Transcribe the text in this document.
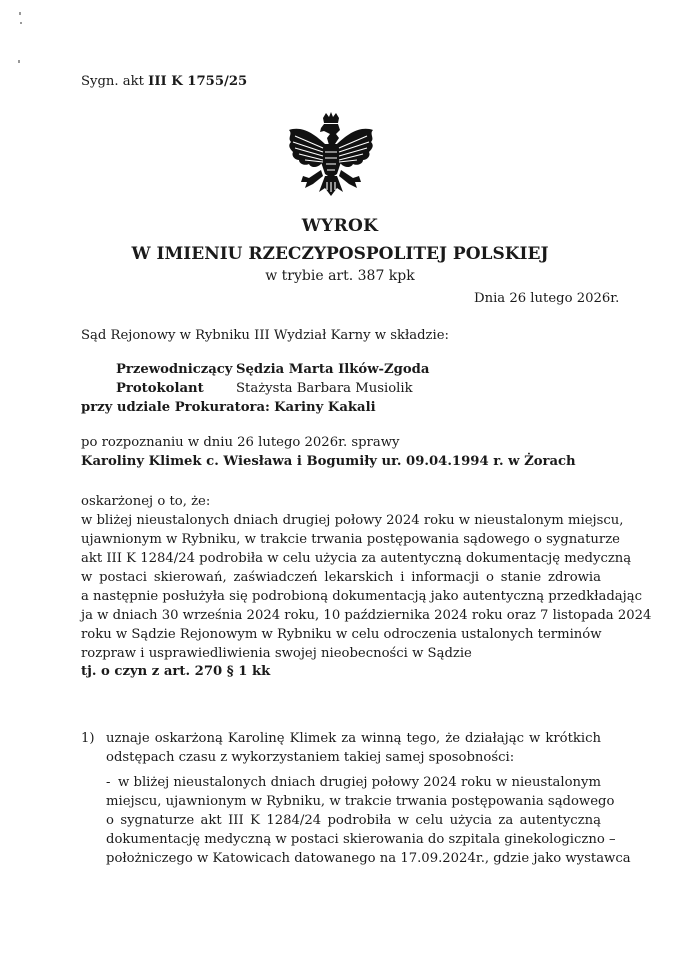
Sygn. akt III K 1755/25
WYROK
W IMIENIU RZECZYPOSPOLITEJ POLSKIEJ
w trybie art. 387 kpk
Dnia 26 lutego 2026r.
Sąd Rejonowy w Rybniku III Wydział Karny w składzie:
Przewodniczący Sędzia Marta Ilków-Zgoda
Protokolant Stażysta Barbara Musiolik
przy udziale Prokuratora: Kariny Kakali
po rozpoznaniu w dniu 26 lutego 2026r. sprawy
Karoliny Klimek c. Wiesława i Bogumiły ur. 09.04.1994 r. w Żorach
oskarżonej o to, że:
w bliżej nieustalonych dniach drugiej połowy 2024 roku w nieustalonym miejscu,
ujawnionym w Rybniku, w trakcie trwania postępowania sądowego o sygnaturze
akt III K 1284/24 podrobiła w celu użycia za autentyczną dokumentację medyczną
w postaci skierowań, zaświadczeń lekarskich i informacji o stanie zdrowia
a następnie posłużyła się podrobioną dokumentacją jako autentyczną przedkładając
ja w dniach 30 września 2024 roku, 10 października 2024 roku oraz 7 listopada 2024
roku w Sądzie Rejonowym w Rybniku w celu odroczenia ustalonych terminów
rozpraw i usprawiedliwienia swojej nieobecności w Sądzie
tj. o czyn z art. 270 § 1 kk
1) uznaje oskarżoną Karolinę Klimek za winną tego, że działając w krótkich
odstępach czasu z wykorzystaniem takiej samej sposobności:
- w bliżej nieustalonych dniach drugiej połowy 2024 roku w nieustalonym
miejscu, ujawnionym w Rybniku, w trakcie trwania postępowania sądowego
o sygnaturze akt III K 1284/24 podrobiła w celu użycia za autentyczną
dokumentację medyczną w postaci skierowania do szpitala ginekologiczno –
położniczego w Katowicach datowanego na 17.09.2024r., gdzie jako wystawca
